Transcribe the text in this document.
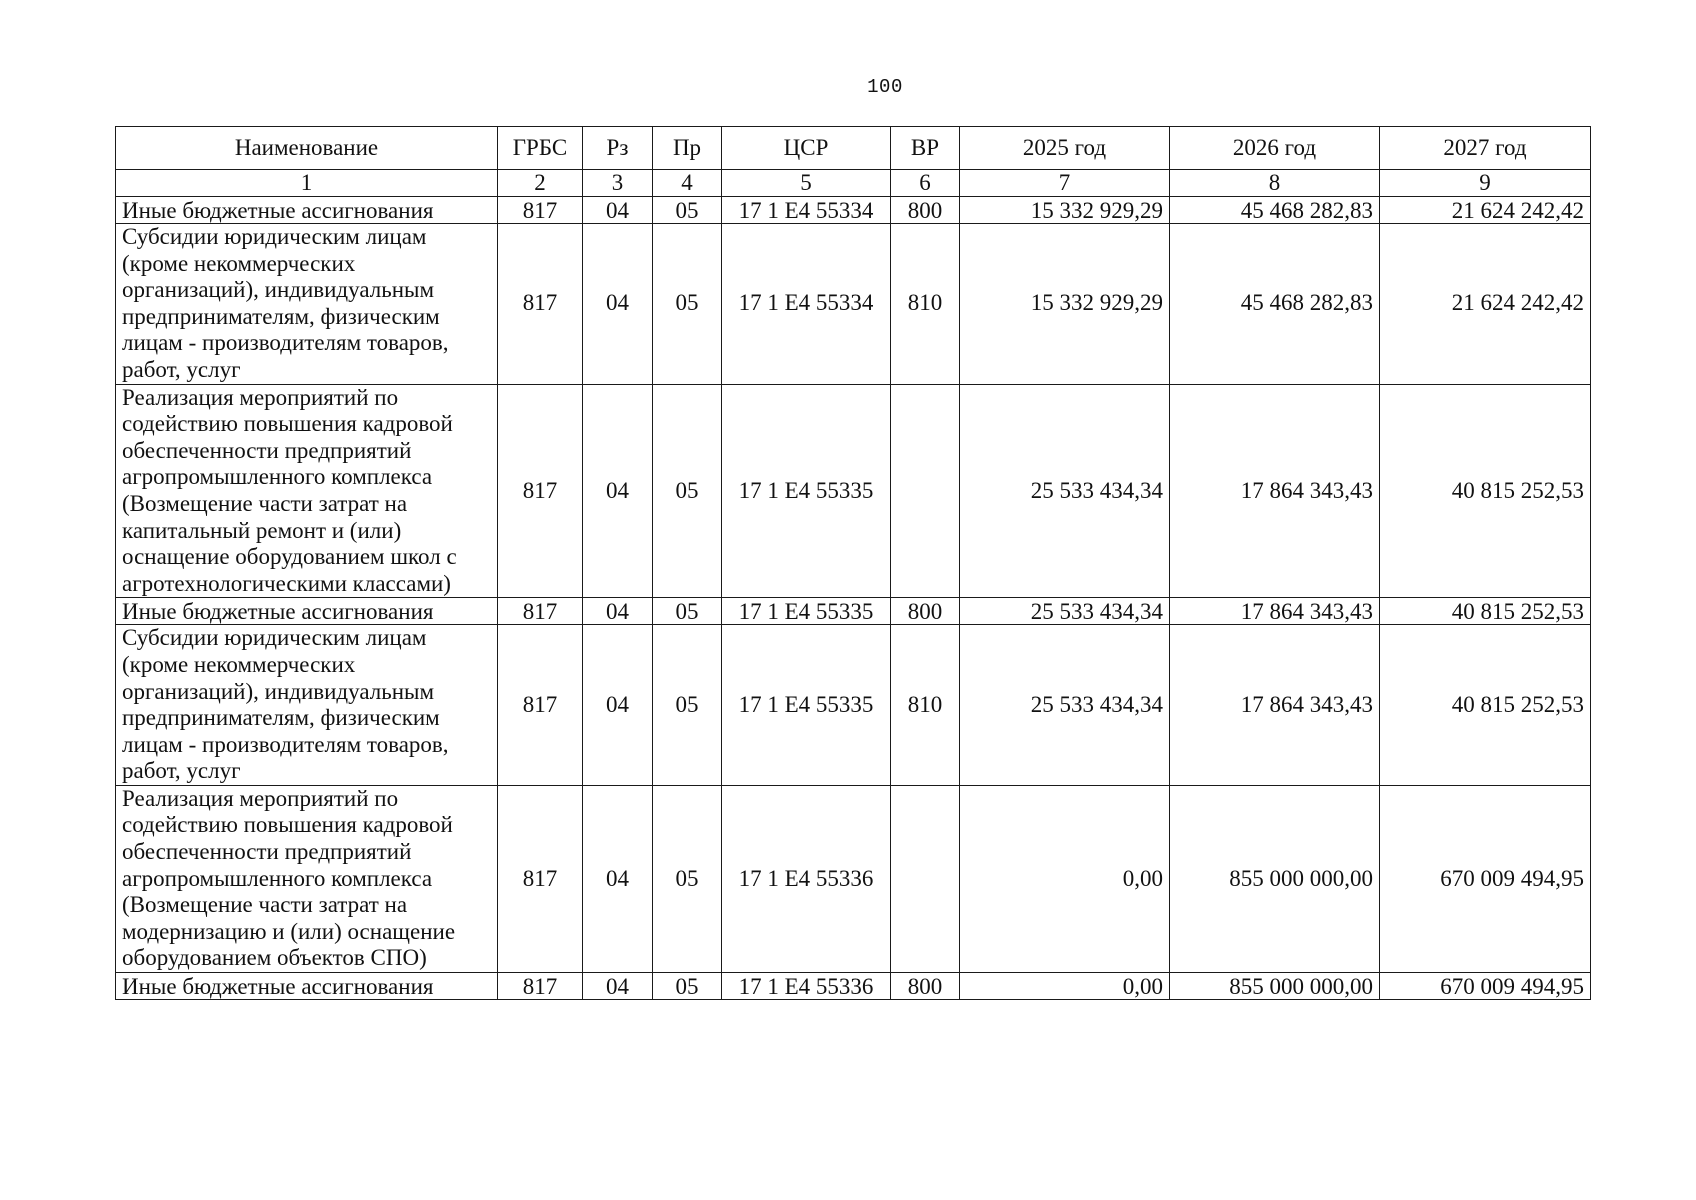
100
Наименование	ГРБС	Рз	Пр	ЦСР	ВР	2025 год	2026 год	2027 год
1	2	3	4	5	6	7	8	9
Иные бюджетные ассигнования	817	04	05	17 1 Е4 55334	800	15 332 929,29	45 468 282,83	21 624 242,42
Субсидии юридическим лицам (кроме некоммерческих организаций), индивидуальным предпринимателям, физическим лицам - производителям товаров, работ, услуг	817	04	05	17 1 Е4 55334	810	15 332 929,29	45 468 282,83	21 624 242,42
Реализация мероприятий по содействию повышения кадровой обеспеченности предприятий агропромышленного комплекса (Возмещение части затрат на капитальный ремонт и (или) оснащение оборудованием школ с агротехнологическими классами)	817	04	05	17 1 Е4 55335		25 533 434,34	17 864 343,43	40 815 252,53
Иные бюджетные ассигнования	817	04	05	17 1 Е4 55335	800	25 533 434,34	17 864 343,43	40 815 252,53
Субсидии юридическим лицам (кроме некоммерческих организаций), индивидуальным предпринимателям, физическим лицам - производителям товаров, работ, услуг	817	04	05	17 1 Е4 55335	810	25 533 434,34	17 864 343,43	40 815 252,53
Реализация мероприятий по содействию повышения кадровой обеспеченности предприятий агропромышленного комплекса (Возмещение части затрат на модернизацию и (или) оснащение оборудованием объектов СПО)	817	04	05	17 1 Е4 55336		0,00	855 000 000,00	670 009 494,95
Иные бюджетные ассигнования	817	04	05	17 1 Е4 55336	800	0,00	855 000 000,00	670 009 494,95
